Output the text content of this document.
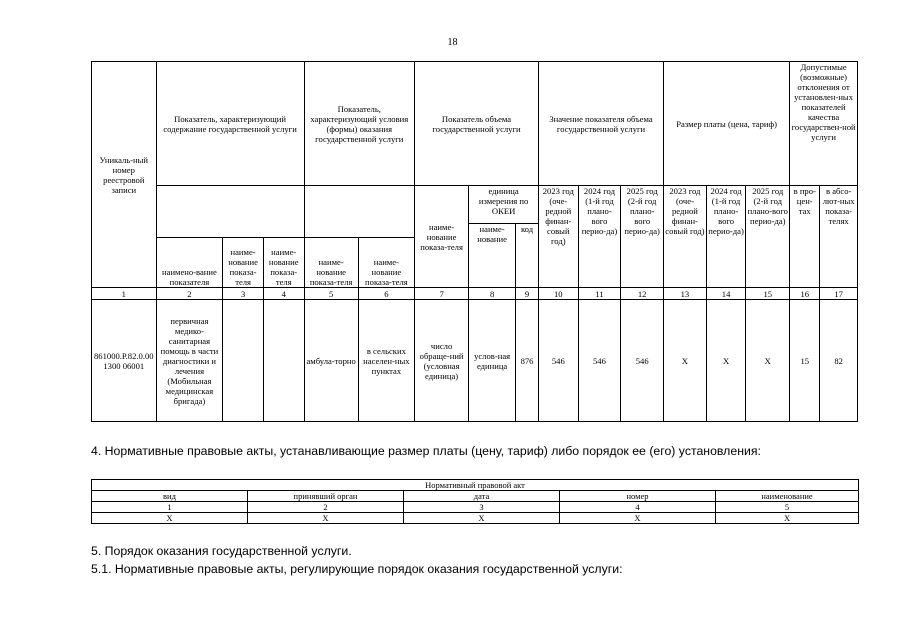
18
Уникаль-ный номер реестровой записи	Показатель, характеризующий содержание государственной услуги			Показатель, характеризующий условия (формы) оказания государственной услуги		Показатель объема государственной услуги			Значение показателя объема государственной услуги			Размер платы (цена, тариф)			Допустимые (возможные) отклонения от установлен-ных показателей качества государствен-ной услуги	
						наиме-нование показа-теля	единица измерения по ОКЕИ		2023 год (оче-редной финан-совый год)	2024 год (1-й год плано-вого перио-да)	2025 год (2-й год плано-вого перио-да)	2023 год (оче-редной финан-совый год)	2024 год (1-й год плано-вого перио-да)	2025 год (2-й год плано-вого перио-да)	в про-цен-тах	в абсо-лют-ных показа-телях
							наиме-нование	код								
	наимено-вание показателя	наиме-нование показа-теля	наиме-нование показа-теля	наиме-нование показа-теля	наиме-нование показа-теля											
1	2	3	4	5	6	7	8	9	10	11	12	13	14	15	16	17
861000.Р.82.0.001300 06001	первичная медико-санитарная помощь в части диагностики и лечения (Мобильная медицинская бригада)			амбула-торно	в сельских населен-ных пунктах	число обраще-ний (условная единица)	услов-ная единица	876	546	546	546	Х	Х	Х	15	82
4. Нормативные правовые акты, устанавливающие размер платы (цену, тариф) либо порядок ее (его) установления:
Нормативный правовой акт				
вид	принявший орган	дата	номер	наименование
1	2	3	4	5
Х	Х	Х	Х	Х
5. Порядок оказания государственной услуги.
5.1. Нормативные правовые акты, регулирующие порядок оказания государственной услуги:
